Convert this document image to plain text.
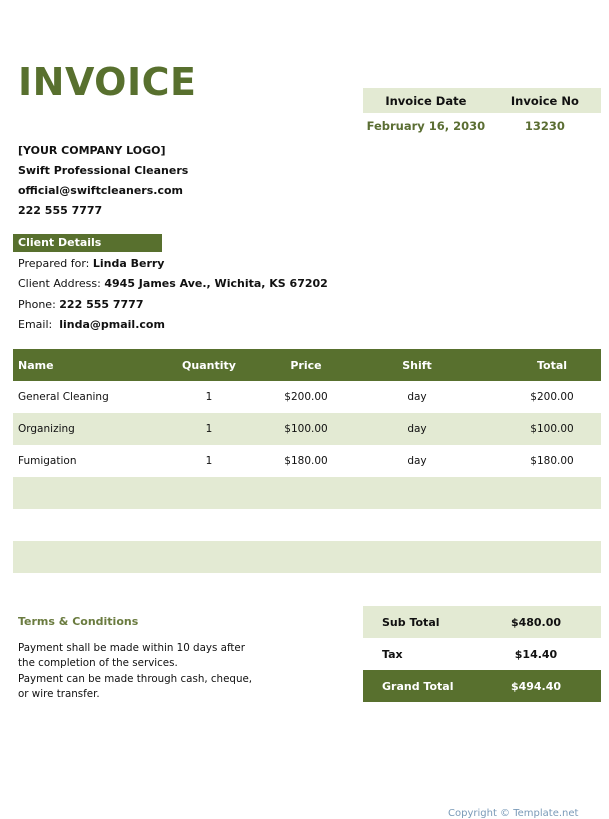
INVOICE	Invoice Date	Invoice No
February 16, 2030	13230
[YOUR COMPANY LOGO]
Swift Professional Cleaners
official@swiftcleaners.com
222 555 7777
Client Details
Prepared for: Linda Berry
Client Address: 4945 James Ave., Wichita, KS 67202
Phone: 222 555 7777
Email:  linda@pmail.com
Name	Quantity	Price	Shift	Total
General Cleaning	1	$200.00	day	$200.00
Organizing	1	$100.00	day	$100.00
Fumigation	1	$180.00	day	$180.00
Terms & Conditions
Payment shall be made within 10 days after
the completion of the services.
Payment can be made through cash, cheque,
or wire transfer.
Sub Total	$480.00
Tax	$14.40
Grand Total	$494.40
Copyright © Template.net
